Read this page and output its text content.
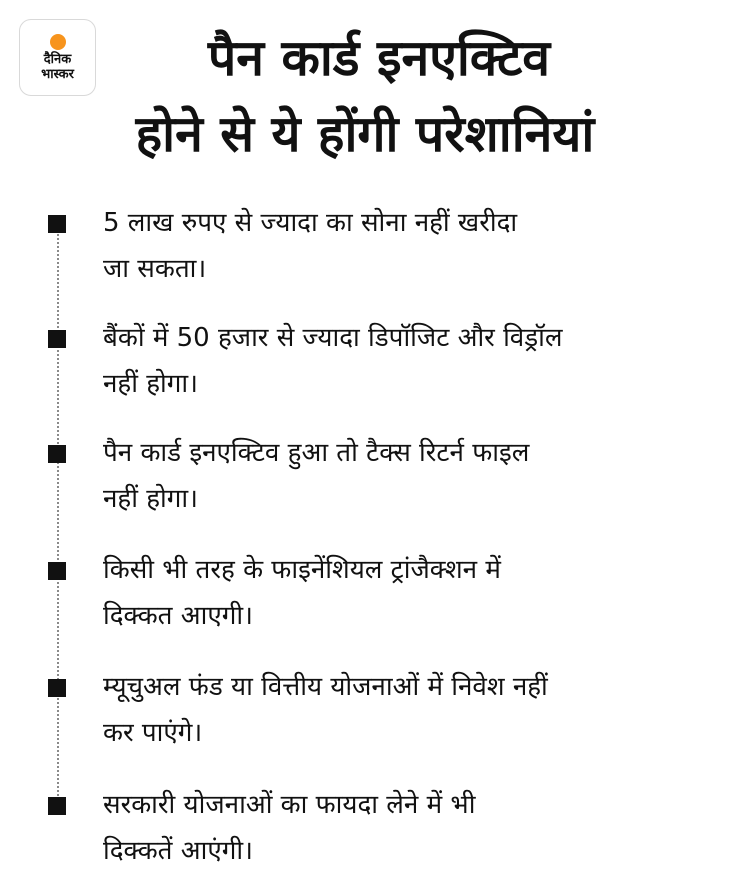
दैनिक
भास्कर	पैन कार्ड इनएक्टिव
होने से ये होंगी परेशानियां
5 लाख रुपए से ज्यादा का सोना नहीं खरीदा
जा सकता।
बैंकों में 50 हजार से ज्यादा डिपॉजिट और विड्रॉल
नहीं होगा।
पैन कार्ड इनएक्टिव हुआ तो टैक्स रिटर्न फाइल
नहीं होगा।
किसी भी तरह के फाइनेंशियल ट्रांजैक्शन में
दिक्कत आएगी।
म्यूचुअल फंड या वित्तीय योजनाओं में निवेश नहीं
कर पाएंगे।
सरकारी योजनाओं का फायदा लेने में भी
दिक्कतें आएंगी।
